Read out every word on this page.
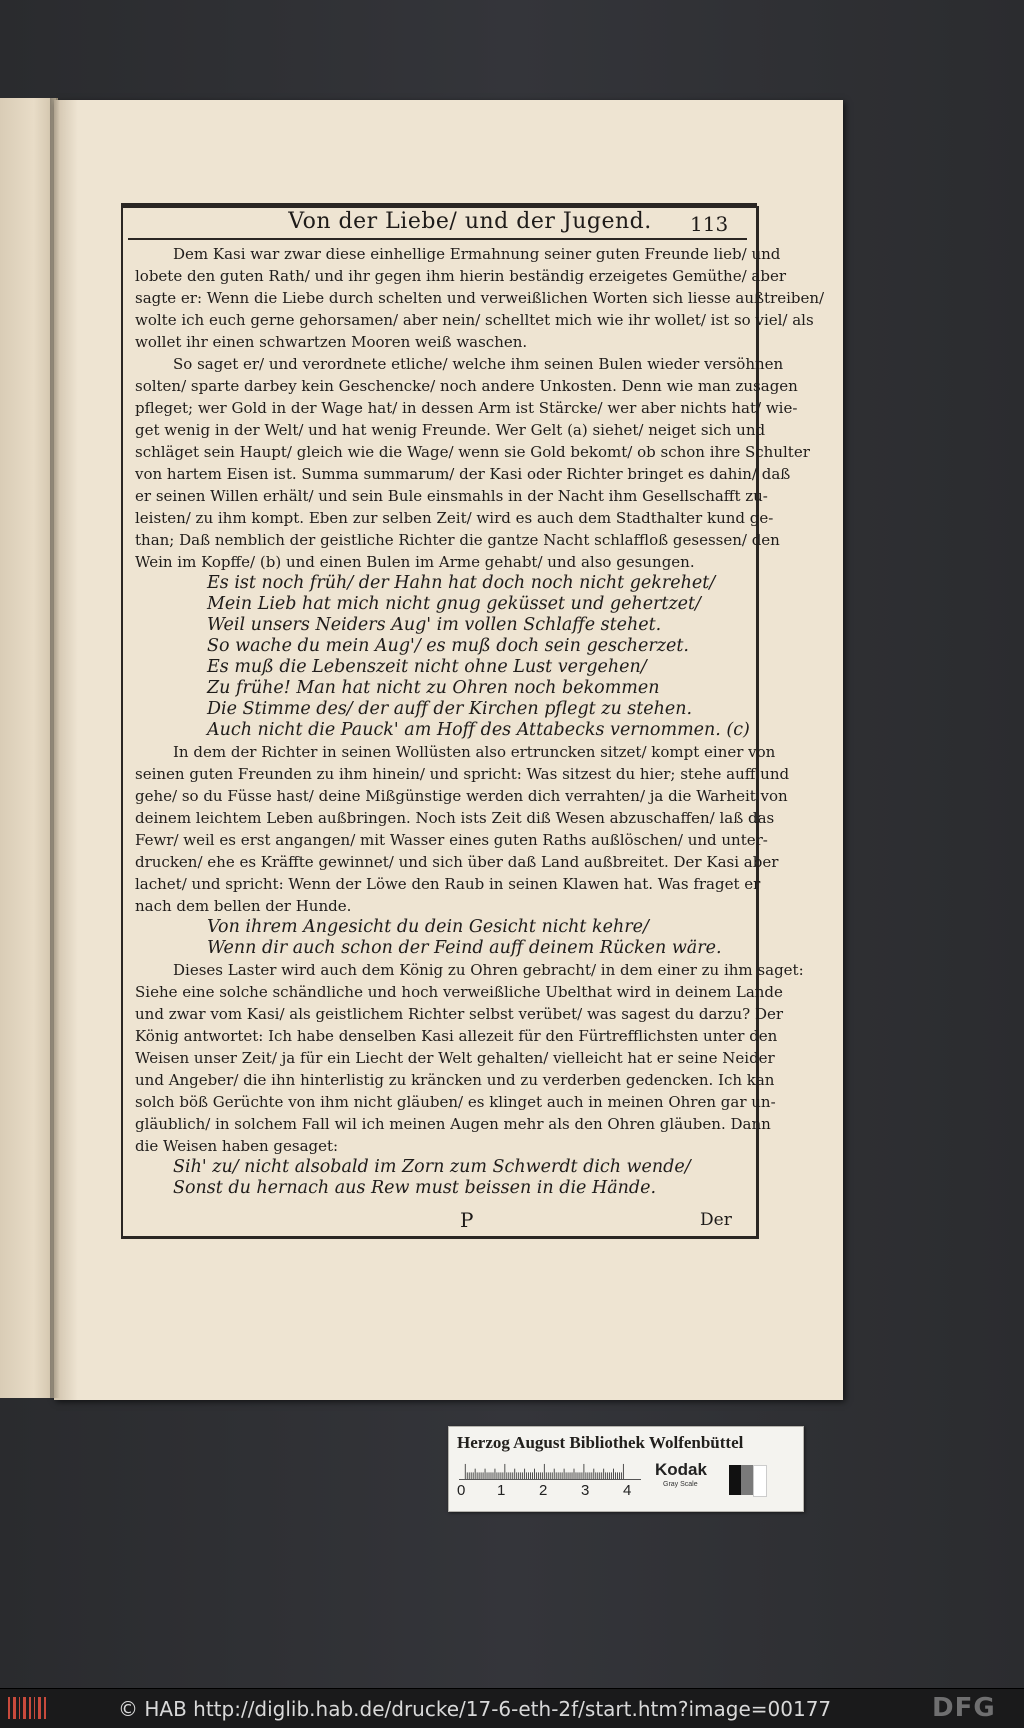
Von der Liebe/ und der Jugend.	113
Dem Kasi war zwar diese einhellige Ermahnung seiner guten Freunde lieb/ und
lobete den guten Rath/ und ihr gegen ihm hierin beständig erzeigetes Gemüthe/ aber
sagte er: Wenn die Liebe durch schelten und verweißlichen Worten sich liesse außtreiben/
wolte ich euch gerne gehorsamen/ aber nein/ schelltet mich wie ihr wollet/ ist so viel/ als
wollet ihr einen schwartzen Mooren weiß waschen.
So saget er/ und verordnete etliche/ welche ihm seinen Bulen wieder versöhnen
solten/ sparte darbey kein Geschencke/ noch andere Unkosten. Denn wie man zusagen
pfleget; wer Gold in der Wage hat/ in dessen Arm ist Stärcke/ wer aber nichts hat/ wie-
get wenig in der Welt/ und hat wenig Freunde. Wer Gelt (a) siehet/ neiget sich und
schläget sein Haupt/ gleich wie die Wage/ wenn sie Gold bekomt/ ob schon ihre Schulter
von hartem Eisen ist. Summa summarum/ der Kasi oder Richter bringet es dahin/ daß
er seinen Willen erhält/ und sein Bule einsmahls in der Nacht ihm Gesellschafft zu-
leisten/ zu ihm kompt. Eben zur selben Zeit/ wird es auch dem Stadthalter kund ge-
than; Daß nemblich der geistliche Richter die gantze Nacht schlaffloß gesessen/ den
Wein im Kopffe/ (b) und einen Bulen im Arme gehabt/ und also gesungen.
Es ist noch früh/ der Hahn hat doch noch nicht gekrehet/
Mein Lieb hat mich nicht gnug geküsset und gehertzet/
Weil unsers Neiders Aug' im vollen Schlaffe stehet.
So wache du mein Aug'/ es muß doch sein gescherzet.
Es muß die Lebenszeit nicht ohne Lust vergehen/
Zu frühe! Man hat nicht zu Ohren noch bekommen
Die Stimme des/ der auff der Kirchen pflegt zu stehen.
Auch nicht die Pauck' am Hoff des Attabecks vernommen. (c)
In dem der Richter in seinen Wollüsten also ertruncken sitzet/ kompt einer von
seinen guten Freunden zu ihm hinein/ und spricht: Was sitzest du hier; stehe auff und
gehe/ so du Füsse hast/ deine Mißgünstige werden dich verrahten/ ja die Warheit von
deinem leichtem Leben außbringen. Noch ists Zeit diß Wesen abzuschaffen/ laß das
Fewr/ weil es erst angangen/ mit Wasser eines guten Raths außlöschen/ und unter-
drucken/ ehe es Kräffte gewinnet/ und sich über daß Land außbreitet. Der Kasi aber
lachet/ und spricht: Wenn der Löwe den Raub in seinen Klawen hat. Was fraget er
nach dem bellen der Hunde.
Von ihrem Angesicht du dein Gesicht nicht kehre/
Wenn dir auch schon der Feind auff deinem Rücken wäre.
Dieses Laster wird auch dem König zu Ohren gebracht/ in dem einer zu ihm saget:
Siehe eine solche schändliche und hoch verweißliche Ubelthat wird in deinem Lande
und zwar vom Kasi/ als geistlichem Richter selbst verübet/ was sagest du darzu? Der
König antwortet: Ich habe denselben Kasi allezeit für den Fürtrefflichsten unter den
Weisen unser Zeit/ ja für ein Liecht der Welt gehalten/ vielleicht hat er seine Neider
und Angeber/ die ihn hinterlistig zu kräncken und zu verderben gedencken. Ich kan
solch böß Gerüchte von ihm nicht gläuben/ es klinget auch in meinen Ohren gar un-
gläublich/ in solchem Fall wil ich meinen Augen mehr als den Ohren gläuben. Dann
die Weisen haben gesaget:
Sih' zu/ nicht alsobald im Zorn zum Schwerdt dich wende/
Sonst du hernach aus Rew must beissen in die Hände.
P	Der
Herzog August Bibliothek Wolfenbüttel
0 1 2 3 4
Kodak
Gray Scale
© HAB http://diglib.hab.de/drucke/17-6-eth-2f/start.htm?image=00177	DFG
